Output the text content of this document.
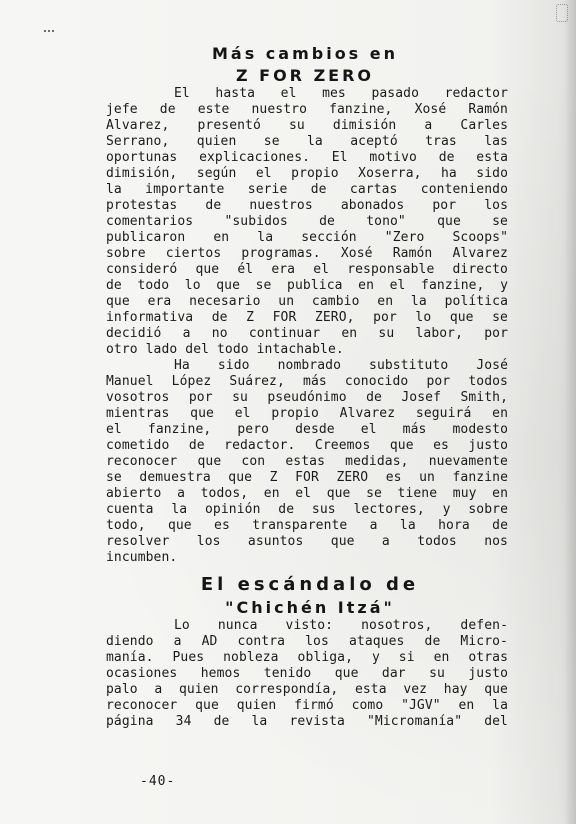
Más cambios en
Z FOR ZERO
El hasta el mes pasado redactor
jefe de este nuestro fanzine, Xosé Ramón
Alvarez, presentó su dimisión a Carles
Serrano, quien se la aceptó tras las
oportunas explicaciones. El motivo de esta
dimisión, según el propio Xoserra, ha sido
la importante serie de cartas conteniendo
protestas de nuestros abonados por los
comentarios "subidos de tono" que se
publicaron en la sección "Zero Scoops"
sobre ciertos programas. Xosé Ramón Alvarez
consideró que él era el responsable directo
de todo lo que se publica en el fanzine, y
que era necesario un cambio en la política
informativa de Z FOR ZERO, por lo que se
decidió a no continuar en su labor, por
otro lado del todo intachable.
Ha sido nombrado substituto José
Manuel López Suárez, más conocido por todos
vosotros por su pseudónimo de Josef Smith,
mientras que el propio Alvarez seguirá en
el fanzine, pero desde el más modesto
cometido de redactor. Creemos que es justo
reconocer que con estas medidas, nuevamente
se demuestra que Z FOR ZERO es un fanzine
abierto a todos, en el que se tiene muy en
cuenta la opinión de sus lectores, y sobre
todo, que es transparente a la hora de
resolver los asuntos que a todos nos
incumben.
El escándalo de
"Chichén Itzá"
Lo nunca visto: nosotros, defen-
diendo a AD contra los ataques de Micro-
manía. Pues nobleza obliga, y si en otras
ocasiones hemos tenido que dar su justo
palo a quien correspondía, esta vez hay que
reconocer que quien firmó como "JGV" en la
página 34 de la revista "Micromanía" del
-40-
